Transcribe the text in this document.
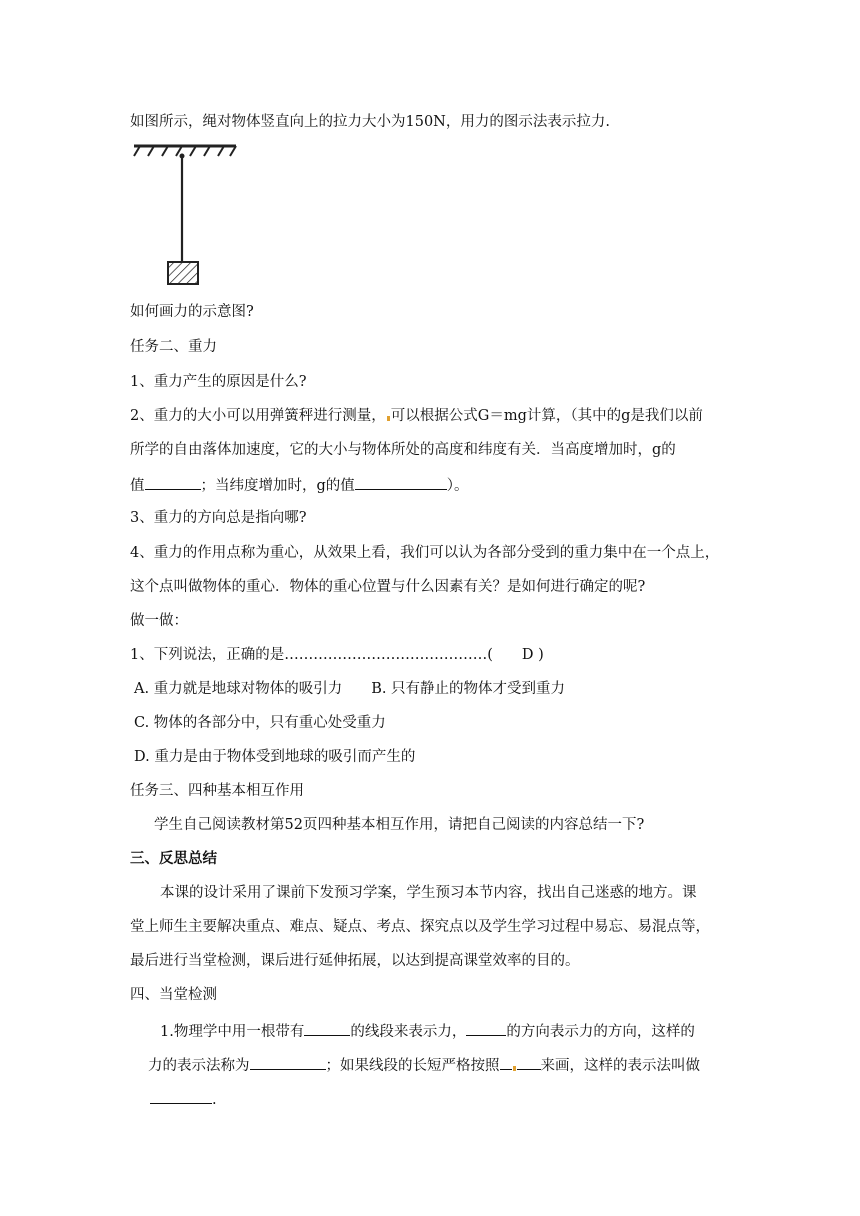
如图所示，绳对物体竖直向上的拉力大小为150N，用力的图示法表示拉力.
如何画力的示意图?
任务二、重力
1、重力产生的原因是什么?
2、重力的大小可以用弹簧秤进行测量， 可以根据公式G＝mg计算，（其中的g是我们以前
所学的自由落体加速度，它的大小与物体所处的高度和纬度有关．当高度增加时，g的
值	；当纬度增加时，g的值	）。
3、重力的方向总是指向哪?
4、重力的作用点称为重心，从效果上看，我们可以认为各部分受到的重力集中在一个点上，
这个点叫做物体的重心．物体的重心位置与什么因素有关？是如何进行确定的呢?
做一做：
1、下列说法，正确的是……………………………………(　　D )
A. 重力就是地球对物体的吸引力　　B. 只有静止的物体才受到重力
C. 物体的各部分中，只有重心处受重力
D. 重力是由于物体受到地球的吸引而产生的
任务三、四种基本相互作用
学生自己阅读教材第52页四种基本相互作用，请把自己阅读的内容总结一下?
三、反思总结
本课的设计采用了课前下发预习学案，学生预习本节内容，找出自己迷惑的地方。课
堂上师生主要解决重点、难点、疑点、考点、探究点以及学生学习过程中易忘、易混点等，
最后进行当堂检测，课后进行延伸拓展，以达到提高课堂效率的目的。
四、当堂检测
1.物理学中用一根带有	的线段来表示力，	的方向表示力的方向，这样的
力的表示法称为	；如果线段的长短严格按照	来画，这样的表示法叫做
.
